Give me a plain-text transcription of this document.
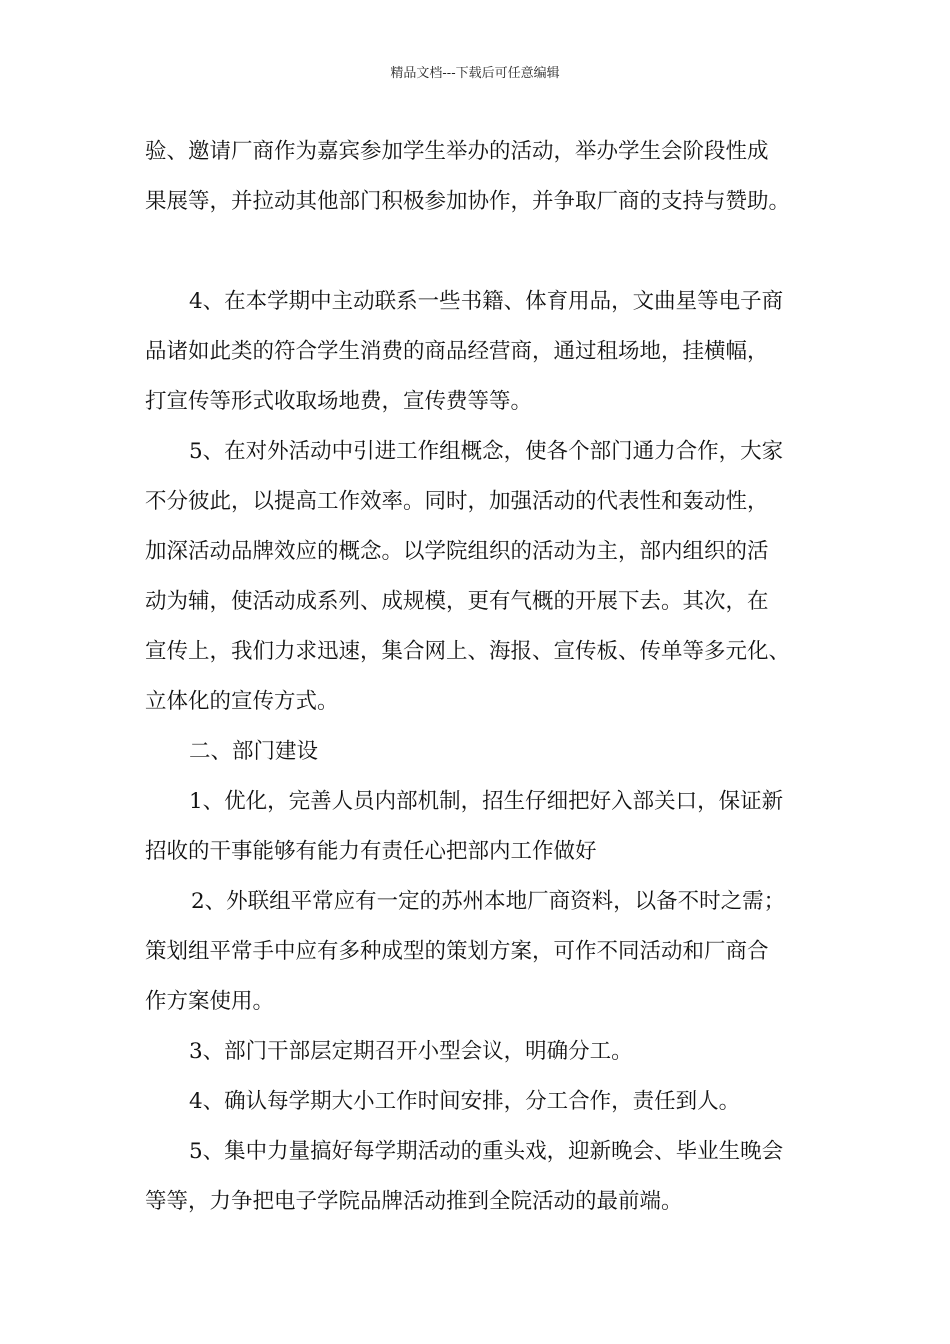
精品文档---下载后可任意编辑
验、邀请厂商作为嘉宾参加学生举办的活动，举办学生会阶段性成
果展等，并拉动其他部门积极参加协作，并争取厂商的支持与赞助。
4、在本学期中主动联系一些书籍、体育用品，文曲星等电子商
品诸如此类的符合学生消费的商品经营商，通过租场地，挂横幅，
打宣传等形式收取场地费，宣传费等等。
5、在对外活动中引进工作组概念，使各个部门通力合作，大家
不分彼此，以提高工作效率。同时，加强活动的代表性和轰动性，
加深活动品牌效应的概念。以学院组织的活动为主，部内组织的活
动为辅，使活动成系列、成规模，更有气概的开展下去。其次，在
宣传上，我们力求迅速，集合网上、海报、宣传板、传单等多元化、
立体化的宣传方式。
二、部门建设
1、优化，完善人员内部机制，招生仔细把好入部关口，保证新
招收的干事能够有能力有责任心把部内工作做好
2、外联组平常应有一定的苏州本地厂商资料，以备不时之需；
策划组平常手中应有多种成型的策划方案，可作不同活动和厂商合
作方案使用。
3、部门干部层定期召开小型会议，明确分工。
4、确认每学期大小工作时间安排，分工合作，责任到人。
5、集中力量搞好每学期活动的重头戏，迎新晚会、毕业生晚会
等等，力争把电子学院品牌活动推到全院活动的最前端。
